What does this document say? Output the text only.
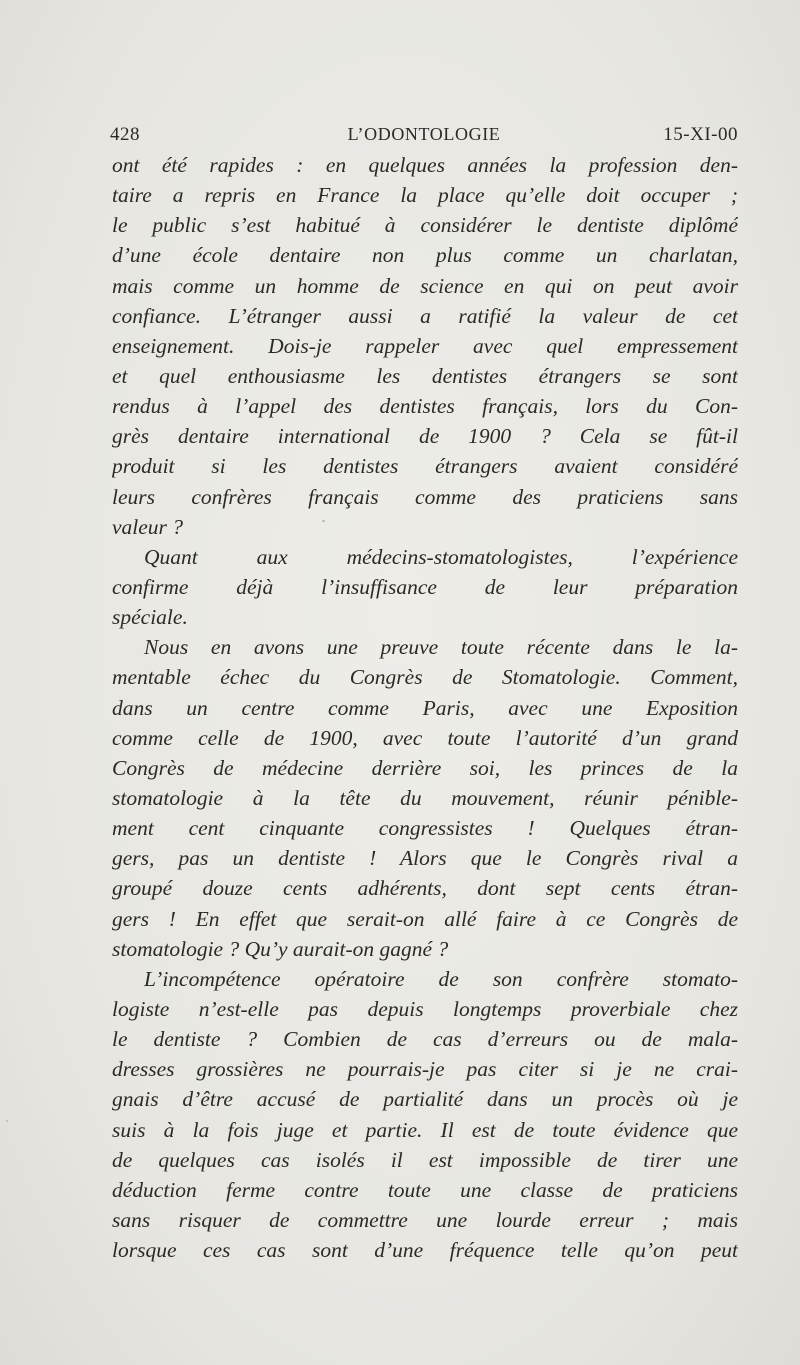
428	L’ODONTOLOGIE	15-XI-00
ont été rapides : en quelques années la profession den-
taire a repris en France la place qu’elle doit occuper ;
le public s’est habitué à considérer le dentiste diplômé
d’une école dentaire non plus comme un charlatan,
mais comme un homme de science en qui on peut avoir
confiance. L’étranger aussi a ratifié la valeur de cet
enseignement. Dois-je rappeler avec quel empressement
et quel enthousiasme les dentistes étrangers se sont
rendus à l’appel des dentistes français, lors du Con-
grès dentaire international de 1900 ? Cela se fût-il
produit si les dentistes étrangers avaient considéré
leurs confrères français comme des praticiens sans
valeur ?
Quant aux médecins-stomatologistes, l’expérience
confirme déjà l’insuffisance de leur préparation
spéciale.
Nous en avons une preuve toute récente dans le la-
mentable échec du Congrès de Stomatologie. Comment,
dans un centre comme Paris, avec une Exposition
comme celle de 1900, avec toute l’autorité d’un grand
Congrès de médecine derrière soi, les princes de la
stomatologie à la tête du mouvement, réunir pénible-
ment cent cinquante congressistes ! Quelques étran-
gers, pas un dentiste ! Alors que le Congrès rival a
groupé douze cents adhérents, dont sept cents étran-
gers ! En effet que serait-on allé faire à ce Congrès de
stomatologie ? Qu’y aurait-on gagné ?
L’incompétence opératoire de son confrère stomato-
logiste n’est-elle pas depuis longtemps proverbiale chez
le dentiste ? Combien de cas d’erreurs ou de mala-
dresses grossières ne pourrais-je pas citer si je ne crai-
gnais d’être accusé de partialité dans un procès où je
suis à la fois juge et partie. Il est de toute évidence que
de quelques cas isolés il est impossible de tirer une
déduction ferme contre toute une classe de praticiens
sans risquer de commettre une lourde erreur ; mais
lorsque ces cas sont d’une fréquence telle qu’on peut
